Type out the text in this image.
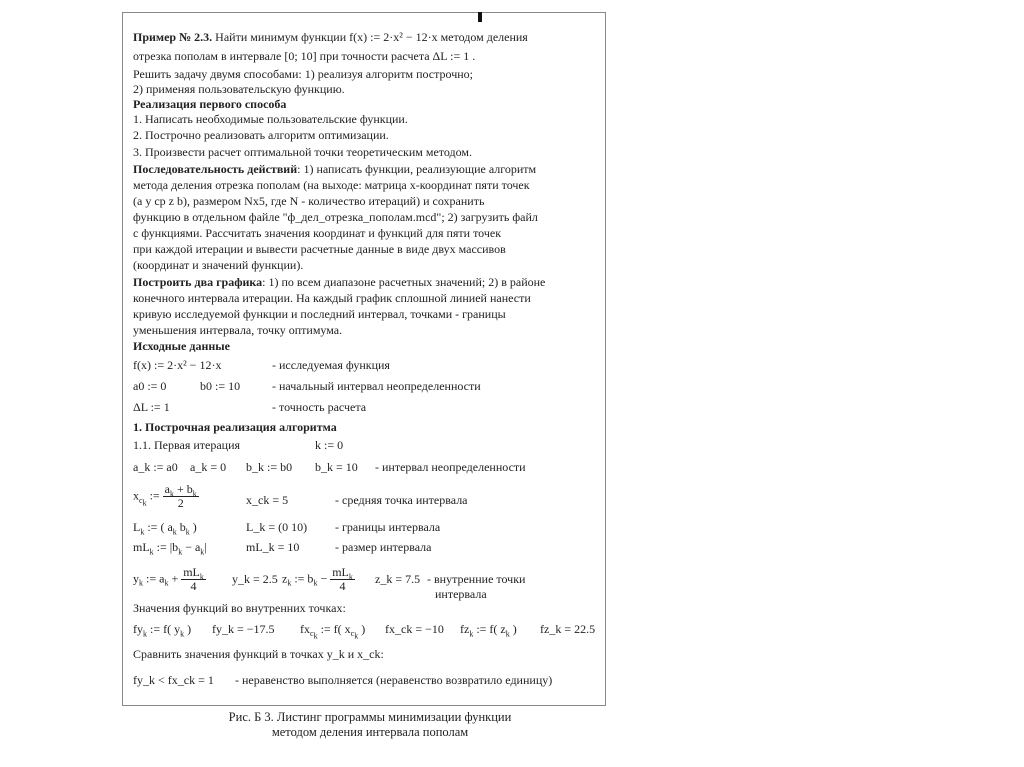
Пример № 2.3. Найти минимум функции f(x) := 2·x² − 12·x методом деления
отрезка пополам в интервале [0; 10] при точности расчета ΔL := 1 .
Решить задачу двумя способами: 1) реализуя алгоритм построчно;
2) применяя пользовательскую функцию.
Реализация первого способа
1. Написать необходимые пользовательские функции.
2. Построчно реализовать алгоритм оптимизации.
3. Произвести расчет оптимальной точки теоретическим методом.
Последовательность действий: 1) написать функции, реализующие алгоритм
метода деления отрезка пополам (на выходе: матрица x-координат пяти точек
(a y cp z b), размером Nx5, где N - количество итераций) и сохранить
функцию в отдельном файле "ф_дел_отрезка_пополам.mcd"; 2) загрузить файл
с функциями. Рассчитать значения координат и функций для пяти точек
при каждой итерации и вывести расчетные данные в виде двух массивов
(координат и значений функции).
Построить два графика: 1) по всем диапазоне расчетных значений; 2) в районе
конечного интервала итерации. На каждый график сплошной линией нанести
кривую исследуемой функции и последний интервал, точками - границы
уменьшения интервала, точку оптимума.
Исходные данные
f(x) := 2·x² − 12·x	- исследуемая функция
a0 := 0	b0 := 10	- начальный интервал неопределенности
ΔL := 1	- точность расчета
1. Построчная реализация алгоритма
1.1. Первая итерация	k := 0
a_k := a0 a_k = 0 b_k := b0 b_k = 10 - интервал неопределенности
$x_{c_k}$ := $\frac{a_k + b_k}{2}$	x_ck = 5	- средняя точка интервала
$L_k$ := ( $a_k$ $b_k$ )	L_k = (0 10) - границы интервала
$mL_k$ := $|b_k - a_k|$	mL_k = 10	- размер интервала
$y_k$ := $a_k + \frac{mL_k}{4}$ y_k = 2.5 $z_k$ := $b_k - \frac{mL_k}{4}$ z_k = 7.5 - внутренние точки
интервала
Значения функций во внутренних точках:
$fy_k$ := f( $y_k$ ) fy_k = −17.5 $fx_{c_k}$ := f( $x_{c_k}$ ) fx_ck = −10 $fz_k$ := f( $z_k$ ) fz_k = 22.5
Сравнить значения функций в точках y_k и x_ck:
fy_k < fx_ck = 1 - неравенство выполняется (неравенство возвратило единицу)
Рис. Б 3. Листинг программы минимизации функции
методом деления интервала пополам
